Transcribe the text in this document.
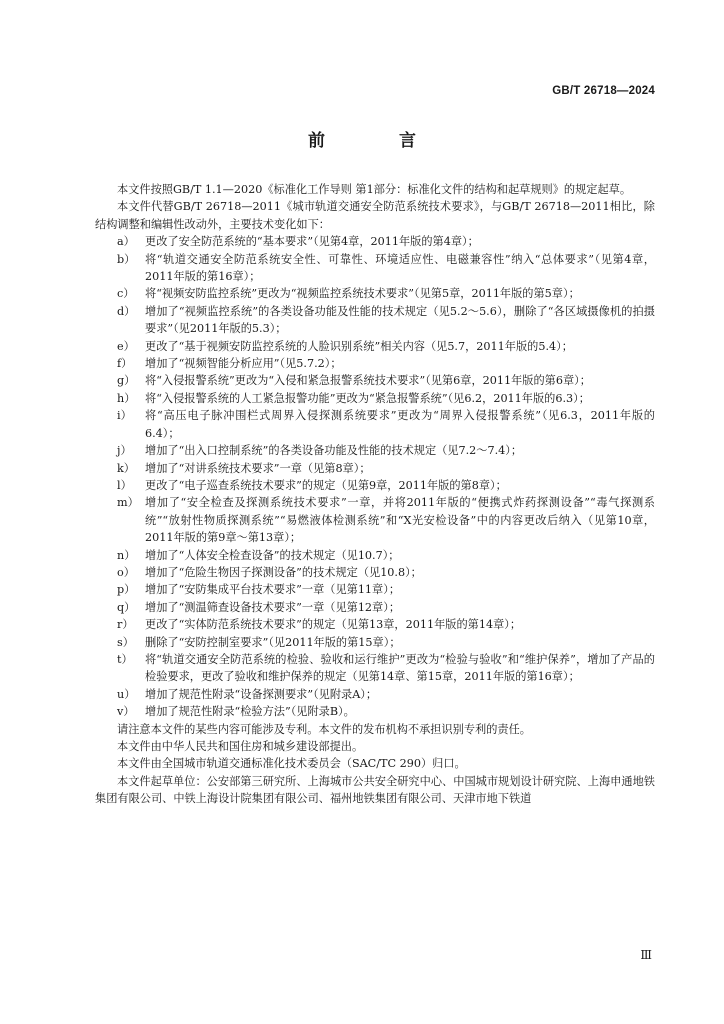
GB/T 26718—2024
前 言

本文件按照GB/T 1.1—2020《标准化工作导则 第1部分：标准化文件的结构和起草规则》的规定起草。

本文件代替GB/T 26718—2011《城市轨道交通安全防范系统技术要求》，与GB/T 26718—2011相比，除结构调整和编辑性改动外，主要技术变化如下：

a） 更改了安全防范系统的“基本要求”（见第4章，2011年版的第4章）；
b） 将“轨道交通安全防范系统安全性、可靠性、环境适应性、电磁兼容性”纳入“总体要求”（见第4章，2011年版的第16章）；
c） 将“视频安防监控系统”更改为“视频监控系统技术要求”（见第5章，2011年版的第5章）；
d） 增加了“视频监控系统”的各类设备功能及性能的技术规定（见5.2～5.6），删除了“各区域摄像机的拍摄要求”（见2011年版的5.3）；
e） 更改了“基于视频安防监控系统的人脸识别系统”相关内容（见5.7，2011年版的5.4）；
f）	增加了“视频智能分析应用”（见5.7.2）；
g） 将“入侵报警系统”更改为“入侵和紧急报警系统技术要求”（见第6章，2011年版的第6章）；
h） 将“入侵报警系统的人工紧急报警功能”更改为“紧急报警系统”（见6.2，2011年版的6.3）；
i）	将“高压电子脉冲围栏式周界入侵探测系统要求”更改为“周界入侵报警系统”（见6.3，2011年版的6.4）；
j）	增加了“出入口控制系统”的各类设备功能及性能的技术规定（见7.2～7.4）；
k） 增加了“对讲系统技术要求”一章（见第8章）；
l）	更改了“电子巡查系统技术要求”的规定（见第9章，2011年版的第8章）；
m） 增加了“安全检查及探测系统技术要求”一章，并将2011年版的“便携式炸药探测设备”“毒气探测系统”“放射性物质探测系统”“易燃液体检测系统”和“X光安检设备”中的内容更改后纳入（见第10章，2011年版的第9章～第13章）；
n） 增加了“人体安全检查设备”的技术规定（见10.7）；
o） 增加了“危险生物因子探测设备”的技术规定（见10.8）；
p） 增加了“安防集成平台技术要求”一章（见第11章）；
q） 增加了“测温筛查设备技术要求”一章（见第12章）；
r）	更改了“实体防范系统技术要求”的规定（见第13章，2011年版的第14章）；
s） 删除了“安防控制室要求”（见2011年版的第15章）；
t）	将“轨道交通安全防范系统的检验、验收和运行维护”更改为“检验与验收”和“维护保养”，增加了产品的检验要求，更改了验收和维护保养的规定（见第14章、第15章，2011年版的第16章）；
u） 增加了规范性附录“设备探测要求”（见附录A）；
v） 增加了规范性附录“检验方法”（见附录B）。

请注意本文件的某些内容可能涉及专利。本文件的发布机构不承担识别专利的责任。

本文件由中华人民共和国住房和城乡建设部提出。

本文件由全国城市轨道交通标准化技术委员会（SAC/TC 290）归口。

本文件起草单位：公安部第三研究所、上海城市公共安全研究中心、中国城市规划设计研究院、上海申通地铁集团有限公司、中铁上海设计院集团有限公司、福州地铁集团有限公司、天津市地下铁道

Ⅲ
